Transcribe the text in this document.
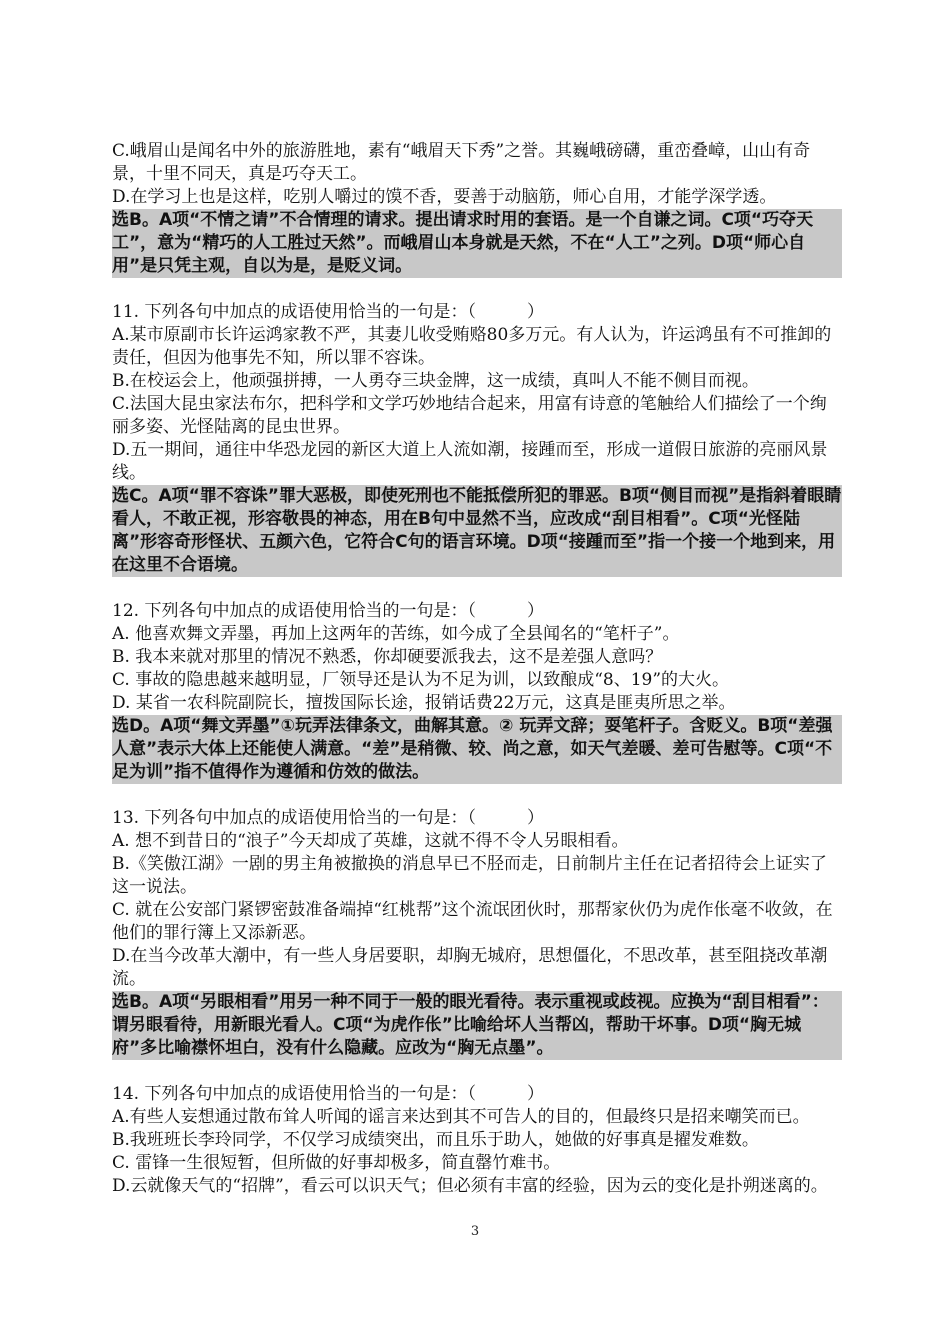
C.峨眉山是闻名中外的旅游胜地，素有“峨眉天下秀”之誉。其巍峨磅礴，重峦叠嶂，山山有奇景，十里不同天，真是巧夺天工。

D.在学习上也是这样，吃别人嚼过的馍不香，要善于动脑筋，师心自用，才能学深学透。

选B。A项“不情之请”不合情理的请求。提出请求时用的套语。是一个自谦之词。C项“巧夺天工”，意为“精巧的人工胜过天然”。而峨眉山本身就是天然，不在“人工”之列。D项“师心自用”是只凭主观，自以为是，是贬义词。

11. 下列各句中加点的成语使用恰当的一句是：（　　　）

A.某市原副市长许运鸿家教不严，其妻儿收受贿赂80多万元。有人认为，许运鸿虽有不可推卸的责任，但因为他事先不知，所以罪不容诛。

B.在校运会上，他顽强拼搏，一人勇夺三块金牌，这一成绩，真叫人不能不侧目而视。

C.法国大昆虫家法布尔，把科学和文学巧妙地结合起来，用富有诗意的笔触给人们描绘了一个绚丽多姿、光怪陆离的昆虫世界。

D.五一期间，通往中华恐龙园的新区大道上人流如潮，接踵而至，形成一道假日旅游的亮丽风景线。

选C。A项“罪不容诛”罪大恶极，即使死刑也不能抵偿所犯的罪恶。B项“侧目而视”是指斜着眼睛看人，不敢正视，形容敬畏的神态，用在B句中显然不当，应改成“刮目相看”。C项“光怪陆离”形容奇形怪状、五颜六色，它符合C句的语言环境。D项“接踵而至”指一个接一个地到来，用在这里不合语境。

12. 下列各句中加点的成语使用恰当的一句是：（　　　）

A. 他喜欢舞文弄墨，再加上这两年的苦练，如今成了全县闻名的“笔杆子”。

B. 我本来就对那里的情况不熟悉，你却硬要派我去，这不是差强人意吗？

C. 事故的隐患越来越明显，厂领导还是认为不足为训，以致酿成“8、19”的大火。

D. 某省一农科院副院长，擅拨国际长途，报销话费22万元，这真是匪夷所思之举。

选D。A项“舞文弄墨”①玩弄法律条文，曲解其意。② 玩弄文辞；耍笔杆子。含贬义。B项“差强人意”表示大体上还能使人满意。“差”是稍微、较、尚之意，如天气差暖、差可告慰等。C项“不足为训”指不值得作为遵循和仿效的做法。

13. 下列各句中加点的成语使用恰当的一句是：（　　　）

A. 想不到昔日的“浪子”今天却成了英雄，这就不得不令人另眼相看。

B.《笑傲江湖》一剧的男主角被撤换的消息早已不胫而走，日前制片主任在记者招待会上证实了这一说法。

C. 就在公安部门紧锣密鼓准备端掉“红桃帮”这个流氓团伙时，那帮家伙仍为虎作伥毫不收敛，在他们的罪行簿上又添新恶。

D.在当今改革大潮中，有一些人身居要职，却胸无城府，思想僵化，不思改革，甚至阻挠改革潮流。

选B。A项“另眼相看”用另一种不同于一般的眼光看待。表示重视或歧视。应换为“刮目相看”：谓另眼看待，用新眼光看人。C项“为虎作伥”比喻给坏人当帮凶，帮助干坏事。D项“胸无城府”多比喻襟怀坦白，没有什么隐藏。应改为“胸无点墨”。

14. 下列各句中加点的成语使用恰当的一句是：（　　　）

A.有些人妄想通过散布耸人听闻的谣言来达到其不可告人的目的，但最终只是招来嘲笑而已。

B.我班班长李玲同学，不仅学习成绩突出，而且乐于助人，她做的好事真是擢发难数。

C. 雷锋一生很短暂，但所做的好事却极多，简直罄竹难书。

D.云就像天气的“招牌”，看云可以识天气；但必须有丰富的经验，因为云的变化是扑朔迷离的。

3
